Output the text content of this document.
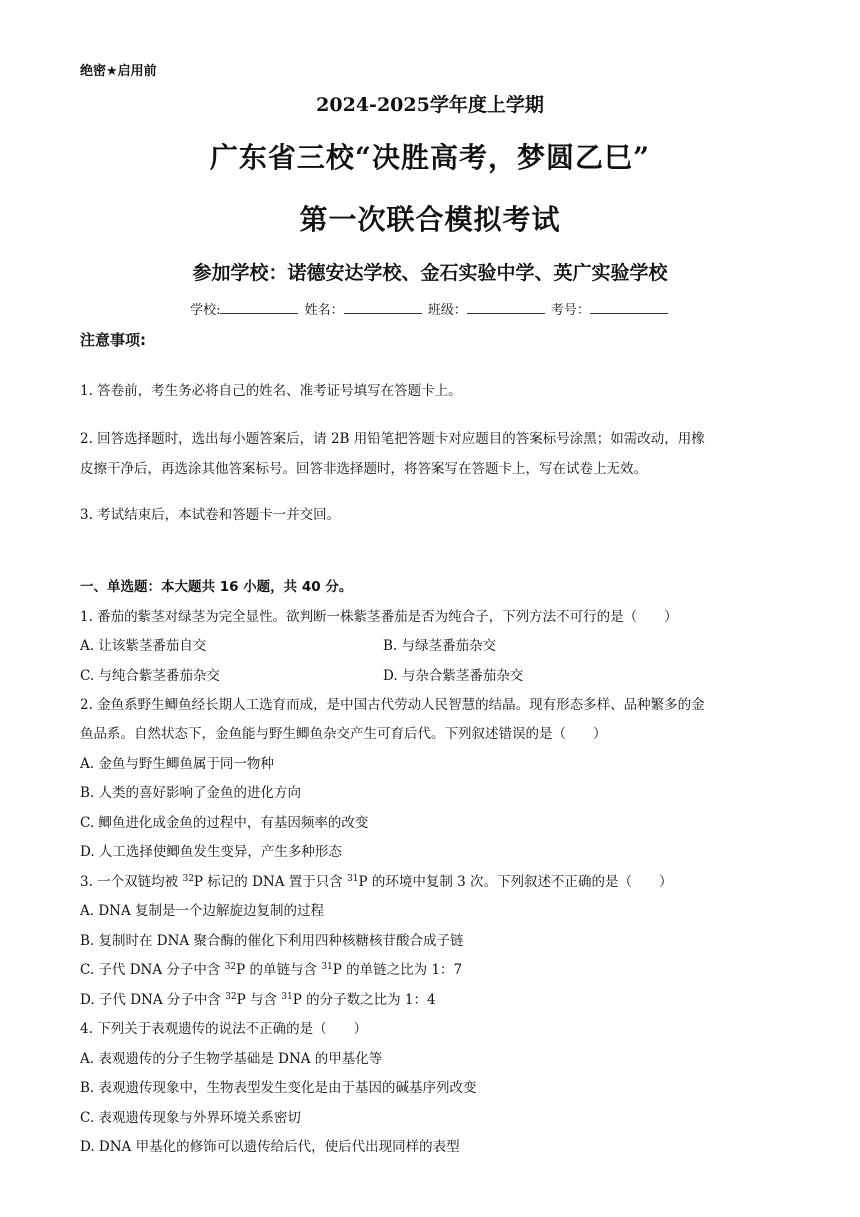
绝密★启用前
2024-2025学年度上学期
广东省三校“决胜高考，梦圆乙巳”
第一次联合模拟考试
参加学校：诺德安达学校、金石实验中学、英广实验学校
学校:	姓名：	班级：	考号：
注意事项:
1. 答卷前，考生务必将自己的姓名、准考证号填写在答题卡上。
2. 回答选择题时，选出每小题答案后，请 2B 用铅笔把答题卡对应题目的答案标号涂黑；如需改动，用橡
皮擦干净后，再选涂其他答案标号。回答非选择题时，将答案写在答题卡上，写在试卷上无效。
3. 考试结束后，本试卷和答题卡一并交回。
一、单选题：本大题共 16 小题，共 40 分。
1. 番茄的紫茎对绿茎为完全显性。欲判断一株紫茎番茄是否为纯合子，下列方法不可行的是（　　）
A. 让该紫茎番茄自交	B. 与绿茎番茄杂交
C. 与纯合紫茎番茄杂交	D. 与杂合紫茎番茄杂交
2. 金鱼系野生鲫鱼经长期人工选育而成，是中国古代劳动人民智慧的结晶。现有形态多样、品种繁多的金
鱼品系。自然状态下，金鱼能与野生鲫鱼杂交产生可育后代。下列叙述错误的是（　　）
A. 金鱼与野生鲫鱼属于同一物种
B. 人类的喜好影响了金鱼的进化方向
C. 鲫鱼进化成金鱼的过程中，有基因频率的改变
D. 人工选择使鲫鱼发生变异，产生多种形态
3. 一个双链均被 $^{32}$P 标记的 DNA 置于只含 $^{31}$P 的环境中复制 3 次。下列叙述不正确的是（　　）
A. DNA 复制是一个边解旋边复制的过程
B. 复制时在 DNA 聚合酶的催化下利用四种核糖核苷酸合成子链
C. 子代 DNA 分子中含 $^{32}$P 的单链与含 $^{31}$P 的单链之比为 1：7
D. 子代 DNA 分子中含 $^{32}$P 与含 $^{31}$P 的分子数之比为 1：4
4. 下列关于表观遗传的说法不正确的是（　　）
A. 表观遗传的分子生物学基础是 DNA 的甲基化等
B. 表观遗传现象中，生物表型发生变化是由于基因的碱基序列改变
C. 表观遗传现象与外界环境关系密切
D. DNA 甲基化的修饰可以遗传给后代，使后代出现同样的表型
